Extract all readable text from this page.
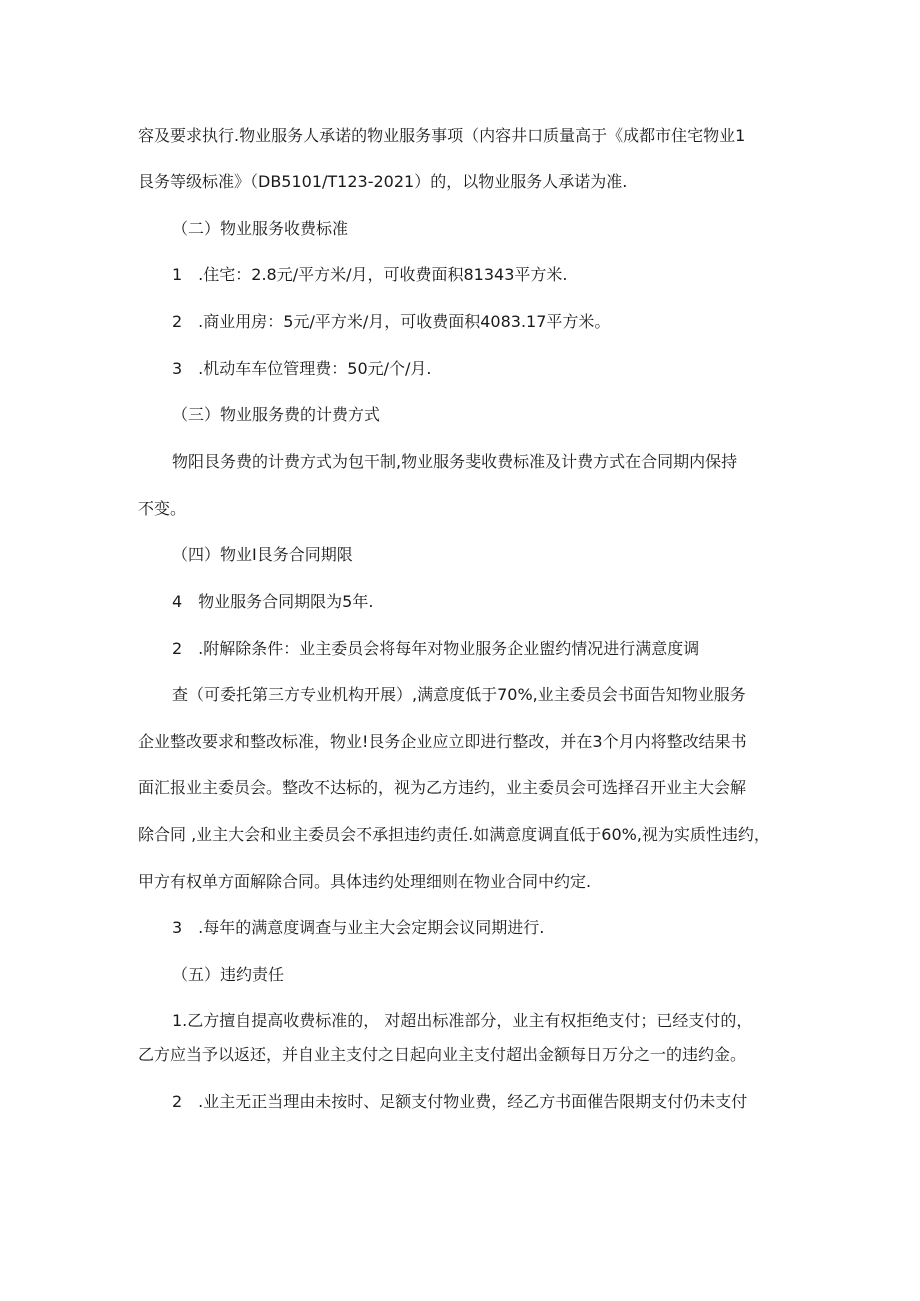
容及要求执行.物业服务人承诺的物业服务事项（内容井口质量高于《成都市住宅物业1
艮务等级标准》（DB5101/T123-2021）的，以物业服务人承诺为准.
（二）物业服务收费标准
1　.住宅：2.8元/平方米/月，可收费面积81343平方米.
2　.商业用房：5元/平方米/月，可收费面积4083.17平方米。
3　.机动车车位管理费：50元/个/月.
（三）物业服务费的计费方式
物阳艮务费的计费方式为包干制,物业服务斐收费标准及计费方式在合同期内保持
不变。
（四）物业I艮务合同期限
4　物业服务合同期限为5年.
2　.附解除条件：业主委员会将每年对物业服务企业盥约情况进行满意度调
查（可委托第三方专业机构开展）,满意度低于70%,业主委员会书面告知物业服务
企业整改要求和整改标准，物业!艮务企业应立即进行整改，并在3个月内将整改结果书
面汇报业主委员会。整改不达标的，视为乙方违约，业主委员会可选择召开业主大会解
除合同 ,业主大会和业主委员会不承担违约责任.如满意度调直低于60%,视为实质性违约，
甲方有权单方面解除合同。具体违约处理细则在物业合同中约定.
3　.每年的满意度调查与业主大会定期会议同期进行.
（五）违约责任
1.乙方擅自提高收费标准的， 对超出标准部分，业主有权拒绝支付；已经支付的，
乙方应当予以返还，并自业主支付之日起向业主支付超出金额每日万分之一的违约金。
2　.业主无正当理由未按时、足额支付物业费，经乙方书面催告限期支付仍未支付
